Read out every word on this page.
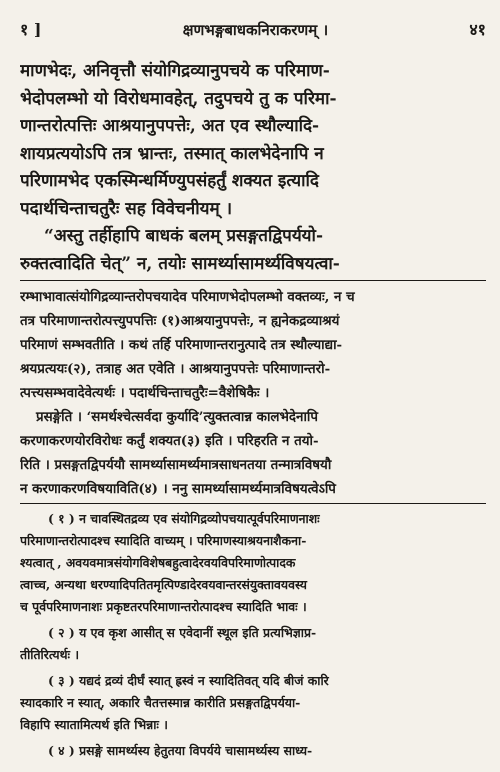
१ ]	क्षणभङ्गबाधकनिराकरणम् ।	४१

माणभेदः, अनिवृत्तौ संयोगिद्रव्यानुपचये क परिमाण-

भेदोपलम्भो यो विरोधमावहेत्, तदुपचये तु क परिमा-

णान्तरोत्पत्तिः आश्रयानुपपत्तेः, अत एव स्थौल्यादि-

शायप्रत्ययोऽपि तत्र भ्रान्तः, तस्मात् कालभेदेनापि न

परिणामभेद एकस्मिन्धर्मिण्युपसंहर्तुं शक्यत इत्यादि

पदार्थचिन्ताचतुरैः सह विवेचनीयम् ।

“अस्तु तर्हीहापि बाधकं बलम् प्रसङ्गतद्विपर्ययो-

रुक्तत्वादिति चेत्” न, तयोः सामर्थ्यासामर्थ्यविषयत्वा-

रम्भाभावात्संयोगिद्रव्यान्तरोपचयादेव परिमाणभेदोपलम्भो वक्तव्यः, न च

तत्र परिमाणान्तरोत्पत्त्युपपत्तिः (१)आश्रयानुपपत्तेः, न ह्यनेकद्रव्याश्रयं

परिमाणं सम्भवतीति । कथं तर्हि परिमाणान्तरानुत्पादे तत्र स्थौल्याद्या-

श्रयप्रत्ययः(२), तत्राह अत एवेति । आश्रयानुपपत्तेः परिमाणान्तरो-

त्पत्त्यसम्भवादेवेत्यर्थः । पदार्थचिन्ताचतुरैः=वैशेषिकैः ।

प्रसङ्गेति । ‘समर्थश्चेत्सर्वदा कुर्यादि’त्युक्तत्वान्न कालभेदेनापि

करणाकरणयोरविरोधः कर्तुं शक्यत(३) इति । परिहरति न तयो-

रिति । प्रसङ्गतद्विपर्ययौ सामर्थ्यासामर्थ्यमात्रसाधनतया तन्मात्रविषयौ

न करणाकरणविषयाविति(४) । ननु सामर्थ्यासामर्थ्यमात्रविषयत्वेऽपि

( १ ) न चावस्थितद्रव्य एव संयोगिद्रव्योपचयात्पूर्वपरिमाणनाशः

परिमाणान्तरोत्पादश्च स्यादिति वाच्यम् । परिमाणस्याश्रयनाशैकना-

श्यत्वात् , अवयवमात्रसंयोगविशेषबहुत्वादेरवयविपरिमाणोत्पादक

त्वाच्च, अन्यथा धरण्यादिपतितमृत्पिण्डादेरवयवान्तरसंयुक्तावयवस्य

च पूर्वपरिमाणनाशः प्रकृष्टतरपरिमाणान्तरोत्पादश्च स्यादिति भावः ।

( २ ) य एव कृश आसीत् स एवेदानीं स्थूल इति प्रत्यभिज्ञाप्र-

तीतिरित्यर्थः ।

( ३ ) यद्यदं द्रव्यं दीर्घं स्यात् ह्रस्वं न स्यादितिवत् यदि बीजं कारि

स्यादकारि न स्यात्, अकारि चैतत्तस्मान्न कारीति प्रसङ्गतद्विपर्यया-

विहापि स्यातामित्यर्थ इति भिन्नाः ।

( ४ ) प्रसङ्गे सामर्थ्यस्य हेतुतया विपर्यये चासामर्थ्यस्य साध्य-
